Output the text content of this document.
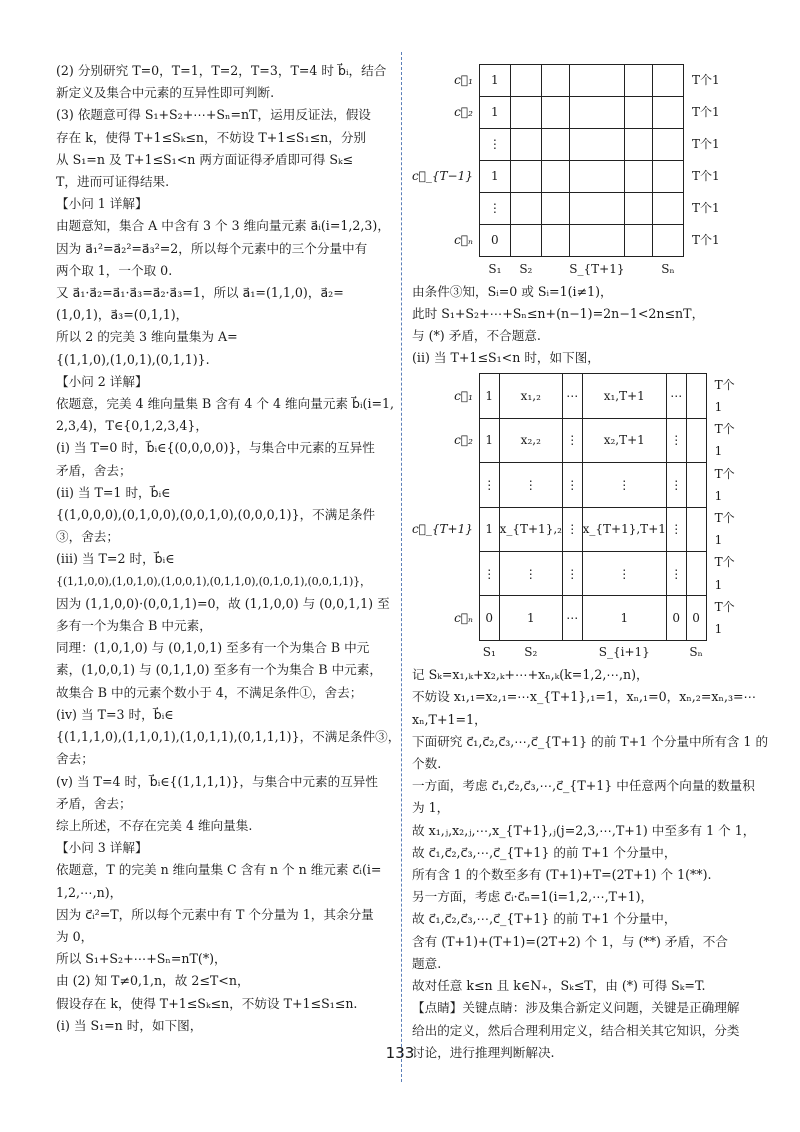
(2) 分别研究 T=0，T=1，T=2，T=3，T=4 时 b⃗ᵢ，结合
新定义及集合中元素的互异性即可判断.
(3) 依题意可得 S₁+S₂+⋯+Sₙ=nT，运用反证法，假设
存在 k，使得 T+1≤Sₖ≤n，不妨设 T+1≤S₁≤n，分别
从 S₁=n 及 T+1≤S₁<n 两方面证得矛盾即可得 Sₖ≤
T，进而可证得结果.
【小问 1 详解】
由题意知，集合 A 中含有 3 个 3 维向量元素 a⃗ᵢ(i=1,2,3)，
因为 a⃗₁²=a⃗₂²=a⃗₃²=2，所以每个元素中的三个分量中有
两个取 1，一个取 0.
又 a⃗₁·a⃗₂=a⃗₁·a⃗₃=a⃗₂·a⃗₃=1，所以 a⃗₁=(1,1,0)，a⃗₂=
(1,0,1)，a⃗₃=(0,1,1)，
所以 2 的完美 3 维向量集为 A=
{(1,1,0),(1,0,1),(0,1,1)}.
【小问 2 详解】
依题意，完美 4 维向量集 B 含有 4 个 4 维向量元素 b⃗ᵢ(i=1,
2,3,4)，T∈{0,1,2,3,4}，
(i) 当 T=0 时，b⃗ᵢ∈{(0,0,0,0)}，与集合中元素的互异性
矛盾，舍去；
(ii) 当 T=1 时，b⃗ᵢ∈
{(1,0,0,0),(0,1,0,0),(0,0,1,0),(0,0,0,1)}，不满足条件
③，舍去；
(iii) 当 T=2 时，b⃗ᵢ∈
{(1,1,0,0),(1,0,1,0),(1,0,0,1),(0,1,1,0),(0,1,0,1),(0,0,1,1)}，
因为 (1,1,0,0)·(0,0,1,1)=0，故 (1,1,0,0) 与 (0,0,1,1) 至
多有一个为集合 B 中元素，
同理：(1,0,1,0) 与 (0,1,0,1) 至多有一个为集合 B 中元
素，(1,0,0,1) 与 (0,1,1,0) 至多有一个为集合 B 中元素，
故集合 B 中的元素个数小于 4，不满足条件①，舍去；
(iv) 当 T=3 时，b⃗ᵢ∈
{(1,1,1,0),(1,1,0,1),(1,0,1,1),(0,1,1,1)}，不满足条件③，
舍去；
(v) 当 T=4 时，b⃗ᵢ∈{(1,1,1,1)}，与集合中元素的互异性
矛盾，舍去；
综上所述，不存在完美 4 维向量集.
【小问 3 详解】
依题意，T 的完美 n 维向量集 C 含有 n 个 n 维元素 c⃗ᵢ(i=
1,2,⋯,n)，
因为 c⃗ᵢ²=T，所以每个元素中有 T 个分量为 1，其余分量
为 0，
所以 S₁+S₂+⋯+Sₙ=nT(*)，
由 (2) 知 T≠0,1,n，故 2≤T<n，
假设存在 k，使得 T+1≤Sₖ≤n，不妨设 T+1≤S₁≤n.
(i) 当 S₁=n 时，如下图，
c⃗₁	1						T个1
c⃗₂	1						T个1
	⋮						T个1
c⃗_{T−1}	1						T个1
	⋮						T个1
c⃗ₙ	0						T个1
	S₁	S₂		S_{T+1}		Sₙ	
由条件③知，Sᵢ=0 或 Sᵢ=1(i≠1)，
此时 S₁+S₂+⋯+Sₙ≤n+(n−1)=2n−1<2n≤nT，
与 (*) 矛盾，不合题意.
(ii) 当 T+1≤S₁<n 时，如下图，
c⃗₁	1	x₁,₂	⋯	x₁,T+1	⋯		T个1
c⃗₂	1	x₂,₂	⋮	x₂,T+1	⋮		T个1
	⋮	⋮	⋮	⋮	⋮		T个1
c⃗_{T+1}	1	x_{T+1},₂	⋮	x_{T+1},T+1	⋮		T个1
	⋮	⋮	⋮	⋮	⋮		T个1
c⃗ₙ	0	1	⋯	1	0	0	T个1
	S₁	S₂		S_{i+1}		Sₙ	
记 Sₖ=x₁,ₖ+x₂,ₖ+⋯+xₙ,ₖ(k=1,2,⋯,n)，
不妨设 x₁,₁=x₂,₁=⋯x_{T+1},₁=1，xₙ,₁=0，xₙ,₂=xₙ,₃=⋯
xₙ,T+1=1，
下面研究 c⃗₁,c⃗₂,c⃗₃,⋯,c⃗_{T+1} 的前 T+1 个分量中所有含 1 的
个数.
一方面，考虑 c⃗₁,c⃗₂,c⃗₃,⋯,c⃗_{T+1} 中任意两个向量的数量积
为 1，
故 x₁,ⱼ,x₂,ⱼ,⋯,x_{T+1},ⱼ(j=2,3,⋯,T+1) 中至多有 1 个 1，
故 c⃗₁,c⃗₂,c⃗₃,⋯,c⃗_{T+1} 的前 T+1 个分量中，
所有含 1 的个数至多有 (T+1)+T=(2T+1) 个 1(**).
另一方面，考虑 c⃗ᵢ·c⃗ₙ=1(i=1,2,⋯,T+1)，
故 c⃗₁,c⃗₂,c⃗₃,⋯,c⃗_{T+1} 的前 T+1 个分量中，
含有 (T+1)+(T+1)=(2T+2) 个 1，与 (**) 矛盾，不合
题意.
故对任意 k≤n 且 k∈N₊，Sₖ≤T，由 (*) 可得 Sₖ=T.
【点睛】关键点睛：涉及集合新定义问题，关键是正确理解
给出的定义，然后合理利用定义，结合相关其它知识，分类
讨论，进行推理判断解决.
133
